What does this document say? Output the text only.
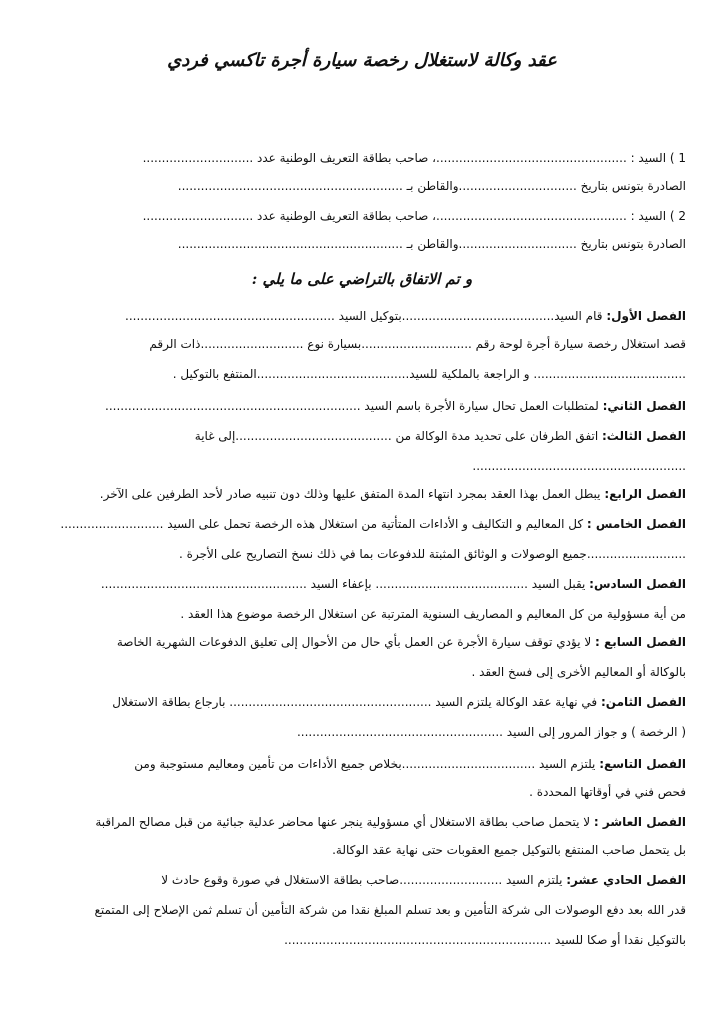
عقد وكالة لاستغلال رخصة سيارة أجرة تاكسي فردي
1 ) السيد : ..................................................، صاحب بطاقة التعريف الوطنية عدد .............................
الصادرة بتونس بتاريخ ...............................والقاطن بـ ...........................................................
2 ) السيد : ..................................................، صاحب بطاقة التعريف الوطنية عدد .............................
الصادرة بتونس بتاريخ ...............................والقاطن بـ ...........................................................
و تم الاتفاق بالتراضي على ما يلي :
الفصل الأول: قام السيد........................................بتوكيل السيد .......................................................
قصد استغلال رخصة سيارة أجرة لوحة رقم .............................بسيارة نوع ...........................ذات الرقم
........................................ و الراجعة بالملكية للسيد........................................المنتفع بالتوكيل .
الفصل الثاني: لمتطلبات العمل تحال سيارة الأجرة باسم السيد ...................................................................
الفصل الثالث: اتفق الطرفان على تحديد مدة الوكالة من .........................................إلى غاية
........................................................
الفصل الرابع: يبطل العمل بهذا العقد بمجرد انتهاء المدة المتفق عليها وذلك دون تنبيه صادر لأحد الطرفين على الآخر.
الفصل الخامس : كل المعاليم و التكاليف و الأداءات المتأتية من استغلال هذه الرخصة تحمل على السيد ...........................
..........................جميع الوصولات و الوثائق المثبتة للدفوعات بما في ذلك نسخ التصاريح على الأجرة .
الفصل السادس: يقبل السيد ........................................ بإعفاء السيد ......................................................
من أية مسؤولية من كل المعاليم و المصاريف السنوية المترتبة عن استغلال الرخصة موضوع هذا العقد .
الفصل السابع : لا يؤدي توقف سيارة الأجرة عن العمل بأي حال من الأحوال إلى تعليق الدفوعات الشهرية الخاصة
بالوكالة أو المعاليم الأخرى إلى فسخ العقد .
الفصل الثامن: في نهاية عقد الوكالة يلتزم السيد ..................................................... بارجاع بطاقة الاستغلال
( الرخصة ) و جواز المرور إلى السيد ......................................................
الفصل التاسع: يلتزم السيد ...................................بخلاص جميع الأداءات من تأمين ومعاليم مستوجبة ومن
فحص فني في أوقاتها المحددة .
الفصل العاشر : لا يتحمل صاحب بطاقة الاستغلال أي مسؤولية ينجر عنها محاضر عدلية جبائية من قبل مصالح المراقبة
بل يتحمل صاحب المنتفع بالتوكيل جميع العقوبات حتى نهاية عقد الوكالة.
الفصل الحادي عشر: يلتزم السيد ...........................صاحب بطاقة الاستغلال في صورة وقوع حادث لا
قدر الله بعد دفع الوصولات الى شركة التأمين و بعد تسلم المبلغ نقدا من شركة التأمين أن تسلم ثمن الإصلاح إلى المتمتع
بالتوكيل نقدا أو صكا للسيد ......................................................................
